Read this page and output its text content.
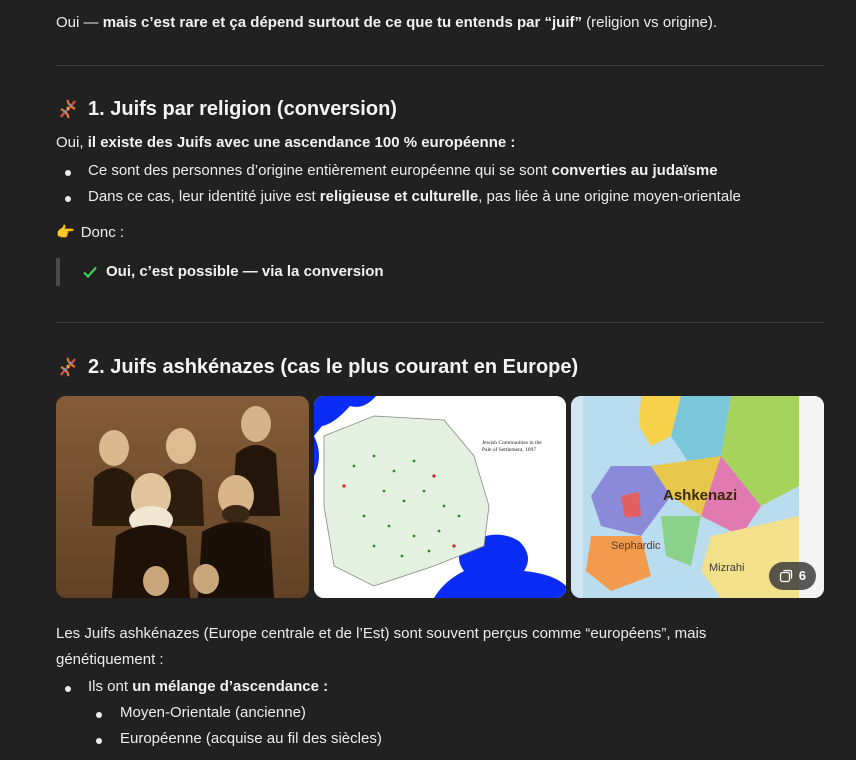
Oui — mais c’est rare et ça dépend surtout de ce que tu entends par “juif” (religion vs origine).
1. Juifs par religion (conversion)
Oui, il existe des Juifs avec une ascendance 100 % européenne :
Ce sont des personnes d’origine entièrement européenne qui se sont converties au judaïsme
Dans ce cas, leur identité juive est religieuse et culturelle, pas liée à une origine moyen-orientale
👉 Donc :
Oui, c’est possible — via la conversion
2. Juifs ashkénazes (cas le plus courant en Europe)
Jewish Communities in the
Pale of Settlement, 1897
Ashkenazi
Sephardic
Mizrahi
6
Les Juifs ashkénazes (Europe centrale et de l’Est) sont souvent perçus comme “européens”, mais génétiquement :
Ils ont un mélange d’ascendance :
Moyen-Orientale (ancienne)
Européenne (acquise au fil des siècles)
